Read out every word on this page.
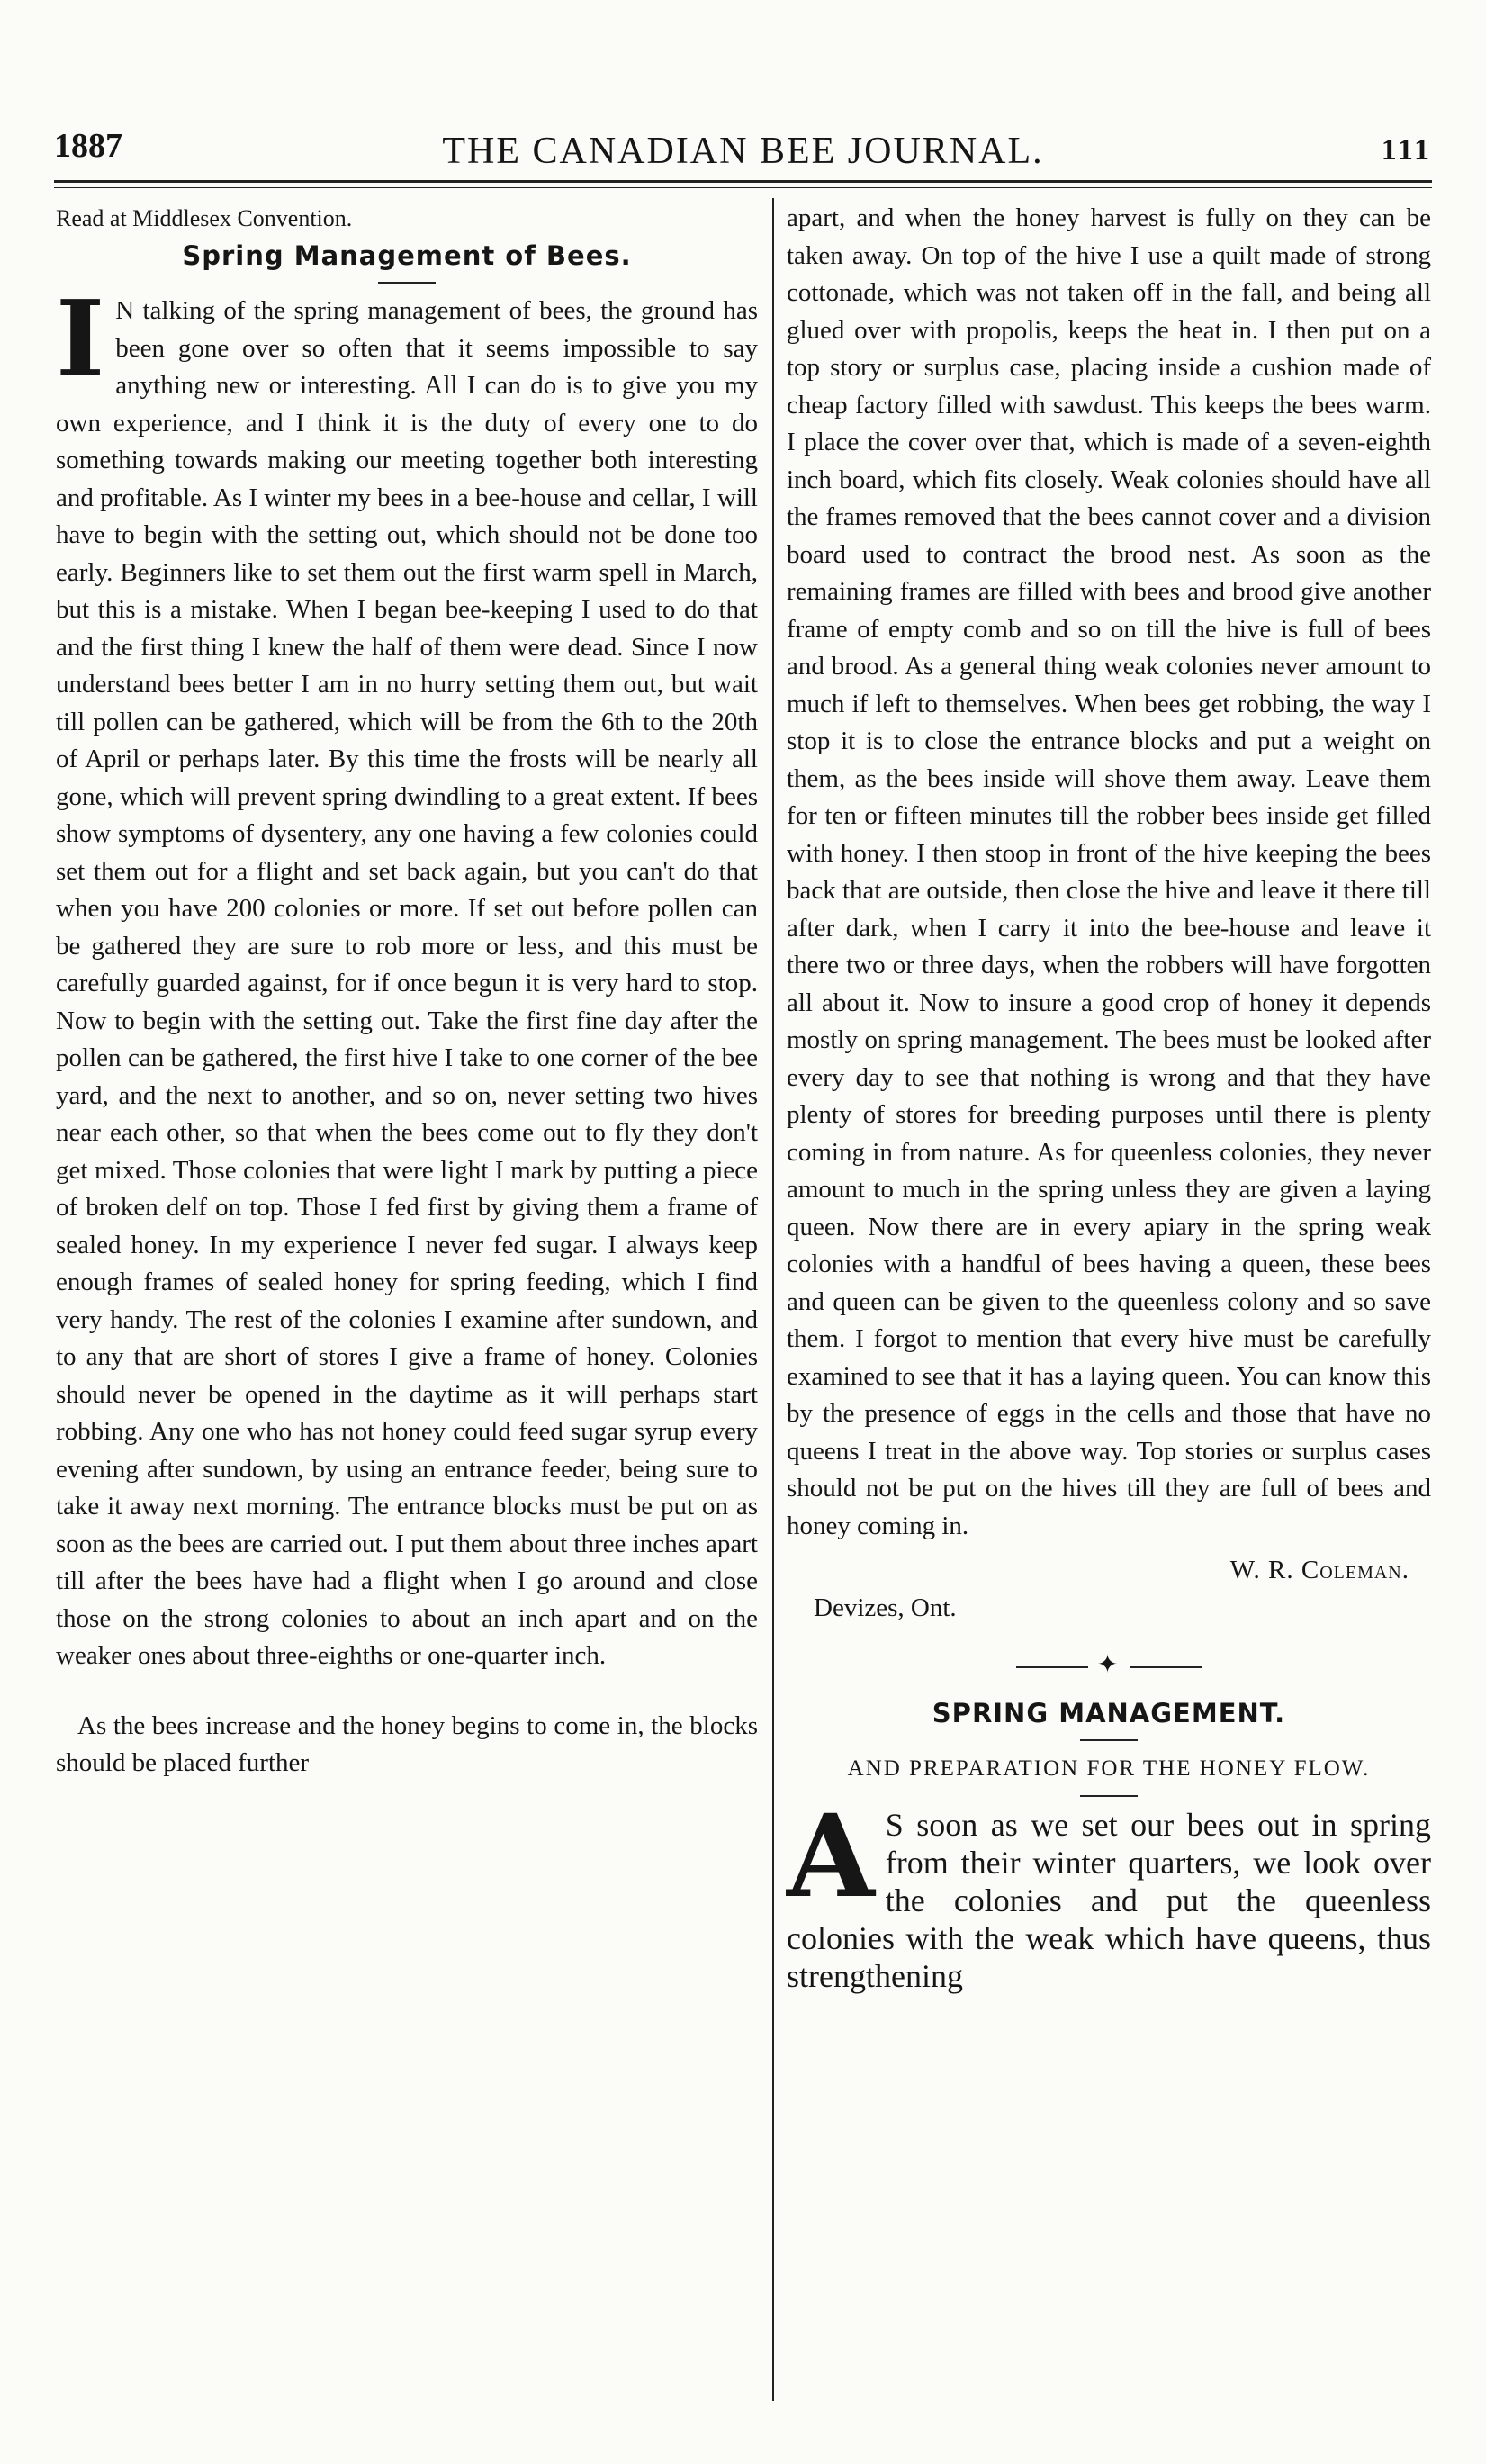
1887	THE CANADIAN BEE JOURNAL.	111

Read at Middlesex Convention.

Spring Management of Bees.

I N talking of the spring management of bees, the ground has been gone over so often that it seems impossible to say anything new or interesting. All I can do is to give you my own experience, and I think it is the duty of every one to do something towards making our meeting together both interesting and profitable. As I winter my bees in a bee-house and cellar, I will have to begin with the setting out, which should not be done too early. Beginners like to set them out the first warm spell in March, but this is a mistake. When I began bee-keeping I used to do that and the first thing I knew the half of them were dead. Since I now understand bees better I am in no hurry setting them out, but wait till pollen can be gathered, which will be from the 6th to the 20th of April or perhaps later. By this time the frosts will be nearly all gone, which will prevent spring dwindling to a great extent. If bees show symptoms of dysentery, any one having a few colonies could set them out for a flight and set back again, but you can't do that when you have 200 colonies or more. If set out before pollen can be gathered they are sure to rob more or less, and this must be carefully guarded against, for if once begun it is very hard to stop. Now to begin with the setting out. Take the first fine day after the pollen can be gathered, the first hive I take to one corner of the bee yard, and the next to another, and so on, never setting two hives near each other, so that when the bees come out to fly they don't get mixed. Those colonies that were light I mark by putting a piece of broken delf on top. Those I fed first by giving them a frame of sealed honey. In my experience I never fed sugar. I always keep enough frames of sealed honey for spring feeding, which I find very handy. The rest of the colonies I examine after sundown, and to any that are short of stores I give a frame of honey. Colonies should never be opened in the daytime as it will perhaps start robbing. Any one who has not honey could feed sugar syrup every evening after sundown, by using an entrance feeder, being sure to take it away next morning. The entrance blocks must be put on as soon as the bees are carried out. I put them about three inches apart till after the bees have had a flight when I go around and close those on the strong colonies to about an inch apart and on the weaker ones about three-eighths or one-quarter inch.

As the bees increase and the honey begins to come in, the blocks should be placed further

apart, and when the honey harvest is fully on they can be taken away. On top of the hive I use a quilt made of strong cottonade, which was not taken off in the fall, and being all glued over with propolis, keeps the heat in. I then put on a top story or surplus case, placing inside a cushion made of cheap factory filled with sawdust. This keeps the bees warm. I place the cover over that, which is made of a seven-eighth inch board, which fits closely. Weak colonies should have all the frames removed that the bees cannot cover and a division board used to contract the brood nest. As soon as the remaining frames are filled with bees and brood give another frame of empty comb and so on till the hive is full of bees and brood. As a general thing weak colonies never amount to much if left to themselves. When bees get robbing, the way I stop it is to close the entrance blocks and put a weight on them, as the bees inside will shove them away. Leave them for ten or fifteen minutes till the robber bees inside get filled with honey. I then stoop in front of the hive keeping the bees back that are outside, then close the hive and leave it there till after dark, when I carry it into the bee-house and leave it there two or three days, when the robbers will have forgotten all about it. Now to insure a good crop of honey it depends mostly on spring management. The bees must be looked after every day to see that nothing is wrong and that they have plenty of stores for breeding purposes until there is plenty coming in from nature. As for queenless colonies, they never amount to much in the spring unless they are given a laying queen. Now there are in every apiary in the spring weak colonies with a handful of bees having a queen, these bees and queen can be given to the queenless colony and so save them. I forgot to mention that every hive must be carefully examined to see that it has a laying queen. You can know this by the presence of eggs in the cells and those that have no queens I treat in the above way. Top stories or surplus cases should not be put on the hives till they are full of bees and honey coming in.

W. R. Coleman.

Devizes, Ont.

✦

SPRING MANAGEMENT.

AND PREPARATION FOR THE HONEY FLOW.

A S soon as we set our bees out in spring from their winter quarters, we look over the colonies and put the queenless colonies with the weak which have queens, thus strengthening
